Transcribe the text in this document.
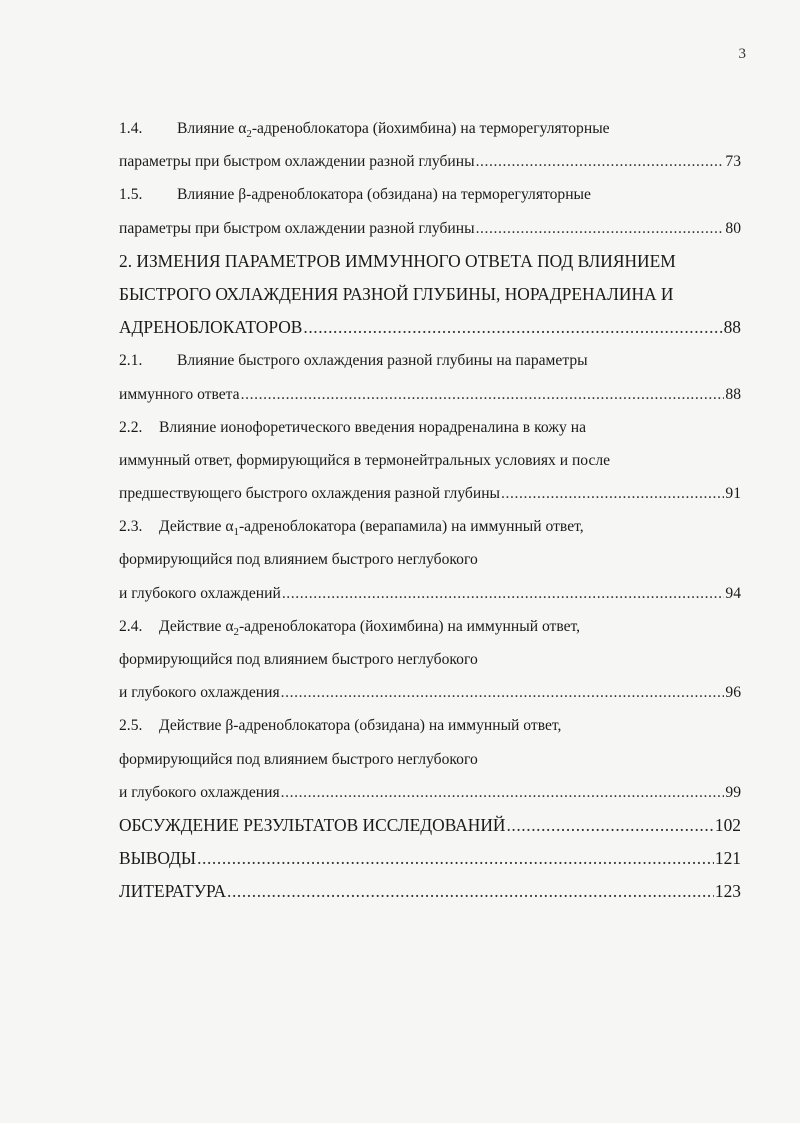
3
1.4. Влияние $\alpha_2$-адреноблокатора (йохимбина) на терморегуляторные
параметры при быстром охлаждении разной глубины .....	73
1.5. Влияние β-адреноблокатора (обзидана) на терморегуляторные
параметры при быстром охлаждении разной глубины .....	80
2. ИЗМЕНИЯ ПАРАМЕТРОВ ИММУННОГО ОТВЕТА ПОД ВЛИЯНИЕМ
БЫСТРОГО ОХЛАЖДЕНИЯ РАЗНОЙ ГЛУБИНЫ, НОРАДРЕНАЛИНА И
АДРЕНОБЛОКАТОРОВ .....	88
2.1. Влияние быстрого охлаждения разной глубины на параметры
иммунного ответа .....	88
2.2. Влияние ионофоретического введения норадреналина в кожу на
иммунный ответ, формирующийся в термонейтральных условиях и после
предшествующего быстрого охлаждения разной глубины .....	91
2.3. Действие $\alpha_1$-адреноблокатора (верапамила) на иммунный ответ,
формирующийся под влиянием быстрого неглубокого
и глубокого охлаждений .....	94
2.4. Действие $\alpha_2$-адреноблокатора (йохимбина) на иммунный ответ,
формирующийся под влиянием быстрого неглубокого
и глубокого охлаждения .....	96
2.5. Действие β-адреноблокатора (обзидана) на иммунный ответ,
формирующийся под влиянием быстрого неглубокого
и глубокого охлаждения .....	99
ОБСУЖДЕНИЕ РЕЗУЛЬТАТОВ ИССЛЕДОВАНИЙ .....	102
ВЫВОДЫ .....	121
ЛИТЕРАТУРА .....	123
